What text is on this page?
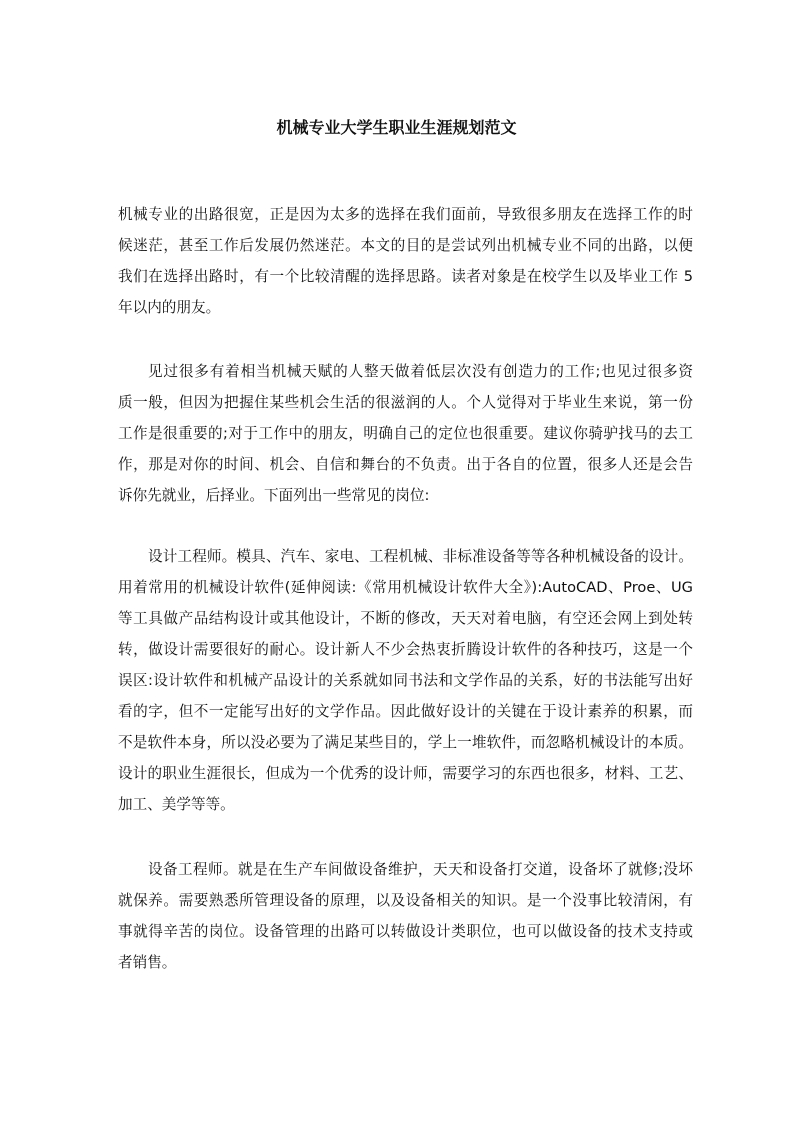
机械专业大学生职业生涯规划范文
机械专业的出路很宽，正是因为太多的选择在我们面前，导致很多朋友在选择工作的时
候迷茫，甚至工作后发展仍然迷茫。本文的目的是尝试列出机械专业不同的出路，以便
我们在选择出路时，有一个比较清醒的选择思路。读者对象是在校学生以及毕业工作 5
年以内的朋友。
见过很多有着相当机械天赋的人整天做着低层次没有创造力的工作;也见过很多资
质一般，但因为把握住某些机会生活的很滋润的人。个人觉得对于毕业生来说，第一份
工作是很重要的;对于工作中的朋友，明确自己的定位也很重要。建议你骑驴找马的去工
作，那是对你的时间、机会、自信和舞台的不负责。出于各自的位置，很多人还是会告
诉你先就业，后择业。下面列出一些常见的岗位:
设计工程师。模具、汽车、家电、工程机械、非标准设备等等各种机械设备的设计。
用着常用的机械设计软件(延伸阅读:《常用机械设计软件大全》):AutoCAD、Proe、UG
等工具做产品结构设计或其他设计，不断的修改，天天对着电脑，有空还会网上到处转
转，做设计需要很好的耐心。设计新人不少会热衷折腾设计软件的各种技巧，这是一个
误区:设计软件和机械产品设计的关系就如同书法和文学作品的关系，好的书法能写出好
看的字，但不一定能写出好的文学作品。因此做好设计的关键在于设计素养的积累，而
不是软件本身，所以没必要为了满足某些目的，学上一堆软件，而忽略机械设计的本质。
设计的职业生涯很长，但成为一个优秀的设计师，需要学习的东西也很多，材料、工艺、
加工、美学等等。
设备工程师。就是在生产车间做设备维护，天天和设备打交道，设备坏了就修;没坏
就保养。需要熟悉所管理设备的原理，以及设备相关的知识。是一个没事比较清闲，有
事就得辛苦的岗位。设备管理的出路可以转做设计类职位，也可以做设备的技术支持或
者销售。
